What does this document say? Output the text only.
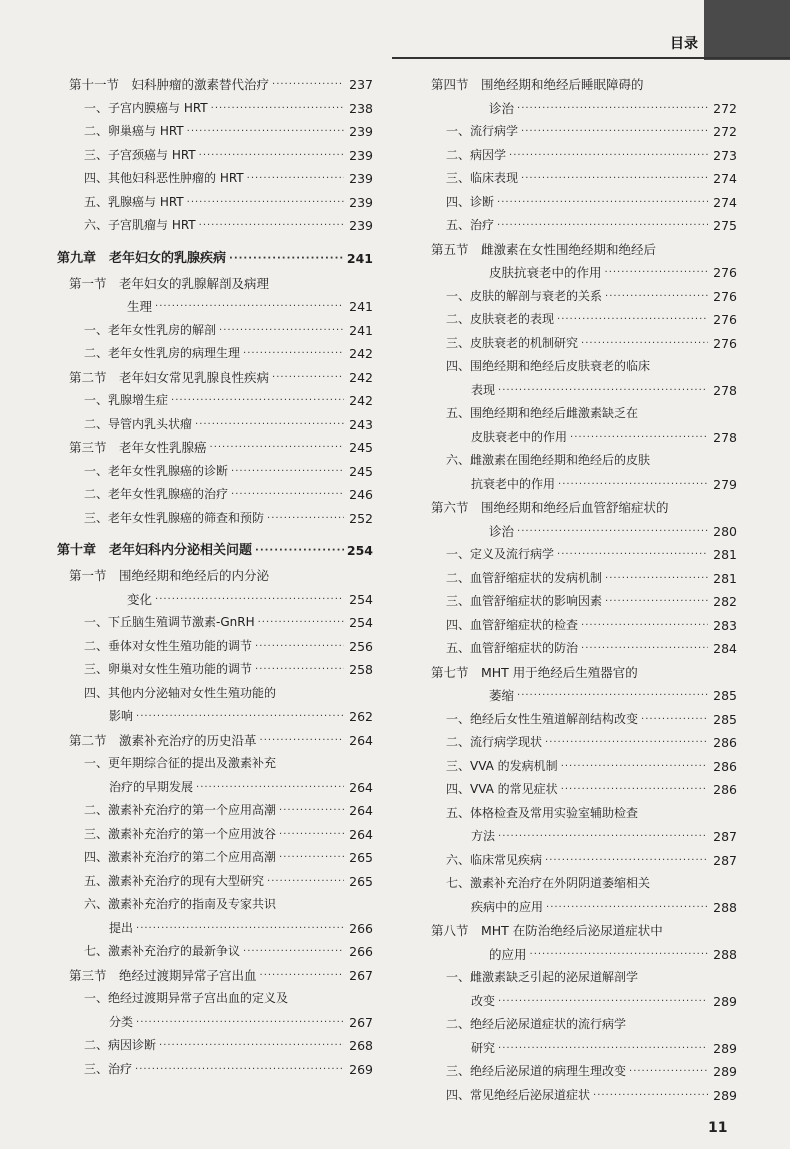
目录
第十一节　妇科肿瘤的激素替代治疗 ·····	237
一、子宫内膜癌与 HRT ·····	238
二、卵巢癌与 HRT ·····	239
三、子宫颈癌与 HRT ·····	239
四、其他妇科恶性肿瘤的 HRT ·····	239
五、乳腺癌与 HRT ·····	239
六、子宫肌瘤与 HRT ·····	239
第九章　老年妇女的乳腺疾病 ·····	241
第一节　老年妇女的乳腺解剖及病理
生理 ·····	241
一、老年女性乳房的解剖 ·····	241
二、老年女性乳房的病理生理 ·····	242
第二节　老年妇女常见乳腺良性疾病 ·····	242
一、乳腺增生症 ·····	242
二、导管内乳头状瘤 ·····	243
第三节　老年女性乳腺癌 ·····	245
一、老年女性乳腺癌的诊断 ·····	245
二、老年女性乳腺癌的治疗 ·····	246
三、老年女性乳腺癌的筛查和预防 ·····	252
第十章　老年妇科内分泌相关问题 ·····	254
第一节　围绝经期和绝经后的内分泌
变化 ·····	254
一、下丘脑生殖调节激素-GnRH ·····	254
二、垂体对女性生殖功能的调节 ·····	256
三、卵巢对女性生殖功能的调节 ·····	258
四、其他内分泌轴对女性生殖功能的
影响 ·····	262
第二节　激素补充治疗的历史沿革 ·····	264
一、更年期综合征的提出及激素补充
治疗的早期发展 ·····	264
二、激素补充治疗的第一个应用高潮 ·····	264
三、激素补充治疗的第一个应用波谷 ·····	264
四、激素补充治疗的第二个应用高潮 ·····	265
五、激素补充治疗的现有大型研究 ·····	265
六、激素补充治疗的指南及专家共识
提出 ·····	266
七、激素补充治疗的最新争议 ·····	266
第三节　绝经过渡期异常子宫出血 ·····	267
一、绝经过渡期异常子宫出血的定义及
分类 ·····	267
二、病因诊断 ·····	268
三、治疗 ·····	269
第四节　围绝经期和绝经后睡眠障碍的
诊治 ·····	272
一、流行病学 ·····	272
二、病因学 ·····	273
三、临床表现 ·····	274
四、诊断 ·····	274
五、治疗 ·····	275
第五节　雌激素在女性围绝经期和绝经后
皮肤抗衰老中的作用 ·····	276
一、皮肤的解剖与衰老的关系 ·····	276
二、皮肤衰老的表现 ·····	276
三、皮肤衰老的机制研究 ·····	276
四、围绝经期和绝经后皮肤衰老的临床
表现 ·····	278
五、围绝经期和绝经后雌激素缺乏在
皮肤衰老中的作用 ·····	278
六、雌激素在围绝经期和绝经后的皮肤
抗衰老中的作用 ·····	279
第六节　围绝经期和绝经后血管舒缩症状的
诊治 ·····	280
一、定义及流行病学 ·····	281
二、血管舒缩症状的发病机制 ·····	281
三、血管舒缩症状的影响因素 ·····	282
四、血管舒缩症状的检查 ·····	283
五、血管舒缩症状的防治 ·····	284
第七节　MHT 用于绝经后生殖器官的
萎缩 ·····	285
一、绝经后女性生殖道解剖结构改变 ·····	285
二、流行病学现状 ·····	286
三、VVA 的发病机制 ·····	286
四、VVA 的常见症状 ·····	286
五、体格检查及常用实验室辅助检查
方法 ·····	287
六、临床常见疾病 ·····	287
七、激素补充治疗在外阴阴道萎缩相关
疾病中的应用 ·····	288
第八节　MHT 在防治绝经后泌尿道症状中
的应用 ·····	288
一、雌激素缺乏引起的泌尿道解剖学
改变 ·····	289
二、绝经后泌尿道症状的流行病学
研究 ·····	289
三、绝经后泌尿道的病理生理改变 ·····	289
四、常见绝经后泌尿道症状 ·····	289
11
